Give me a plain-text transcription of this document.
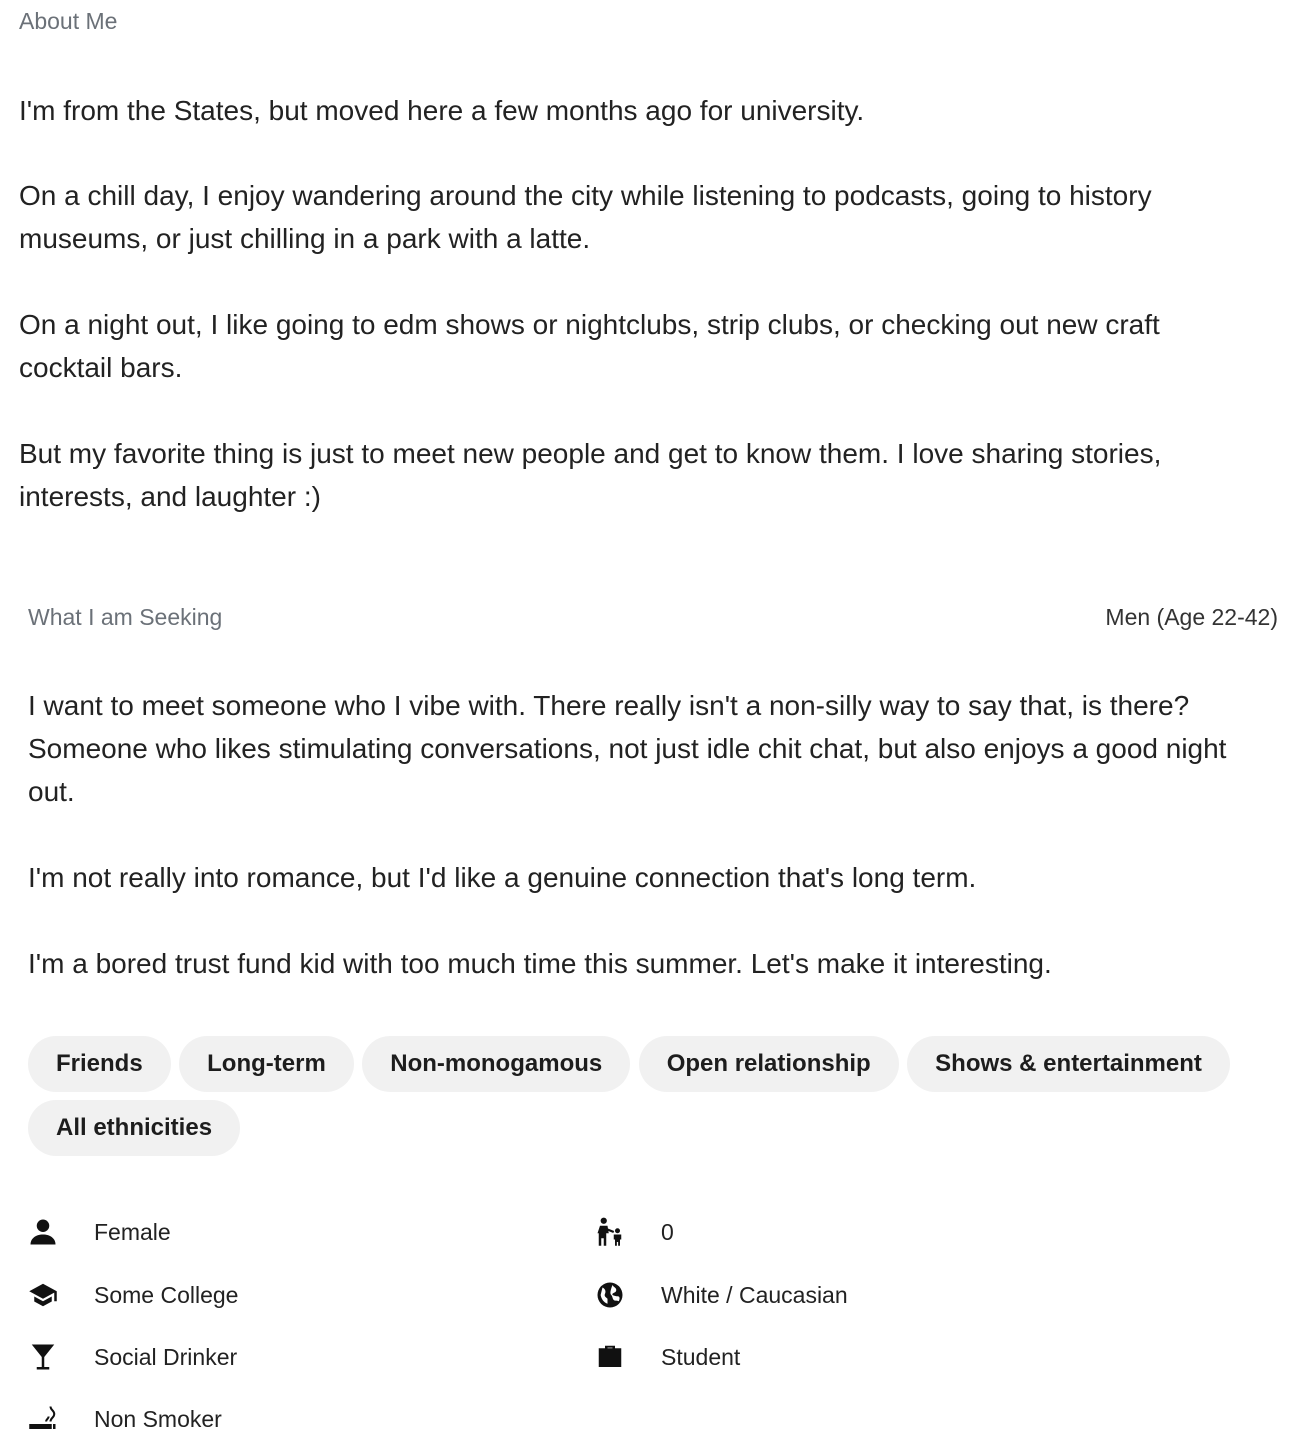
About Me

I'm from the States, but moved here a few months ago for university.

On a chill day, I enjoy wandering around the city while listening to podcasts, going to history museums, or just chilling in a park with a latte.

On a night out, I like going to edm shows or nightclubs, strip clubs, or checking out new craft cocktail bars.

But my favorite thing is just to meet new people and get to know them. I love sharing stories, interests, and laughter :)

What I am Seeking	Men (Age 22-42)

I want to meet someone who I vibe with. There really isn't a non-silly way to say that, is there? Someone who likes stimulating conversations, not just idle chit chat, but also enjoys a good night out.

I'm not really into romance, but I'd like a genuine connection that's long term.

I'm a bored trust fund kid with too much time this summer. Let's make it interesting.

Friends	Long-term	Non-monogamous	Open relationship	Shows & entertainment All ethnicities
Female	0
Some College	White / Caucasian
Social Drinker	Student
Non Smoker
